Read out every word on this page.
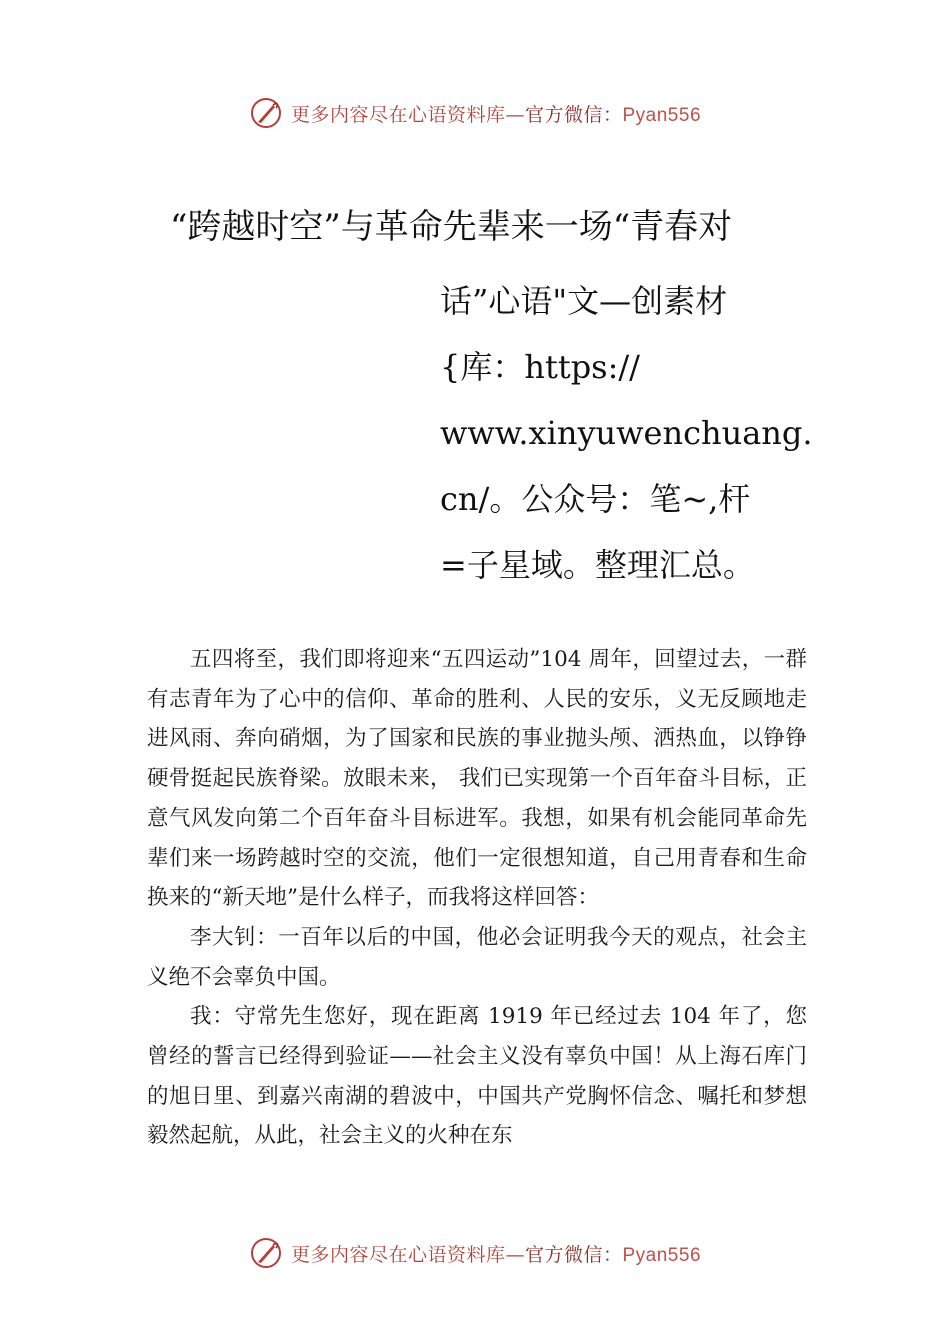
更多内容尽在心语资料库—官方微信：Pyan556
“跨越时空”与革命先辈来一场“青春对
话”心语"文—创素材
{库：https://
www.xinyuwenchuang.
cn/。公众号：笔~,杆
=子星域。整理汇总。

五四将至，我们即将迎来“五四运动”104 周年，回望过去，一群有志青年为了心中的信仰、革命的胜利、人民的安乐，义无反顾地走进风雨、奔向硝烟，为了国家和民族的事业抛头颅、洒热血，以铮铮硬骨挺起民族脊梁。放眼未来， 我们已实现第一个百年奋斗目标，正意气风发向第二个百年奋斗目标进军。我想，如果有机会能同革命先辈们来一场跨越时空的交流，他们一定很想知道，自己用青春和生命换来的“新天地”是什么样子，而我将这样回答：

李大钊：一百年以后的中国，他必会证明我今天的观点，社会主义绝不会辜负中国。

我：守常先生您好，现在距离 1919 年已经过去 104 年了，您曾经的誓言已经得到验证——社会主义没有辜负中国！从上海石库门的旭日里、到嘉兴南湖的碧波中，中国共产党胸怀信念、嘱托和梦想毅然起航，从此，社会主义的火种在东

更多内容尽在心语资料库—官方微信：Pyan556
